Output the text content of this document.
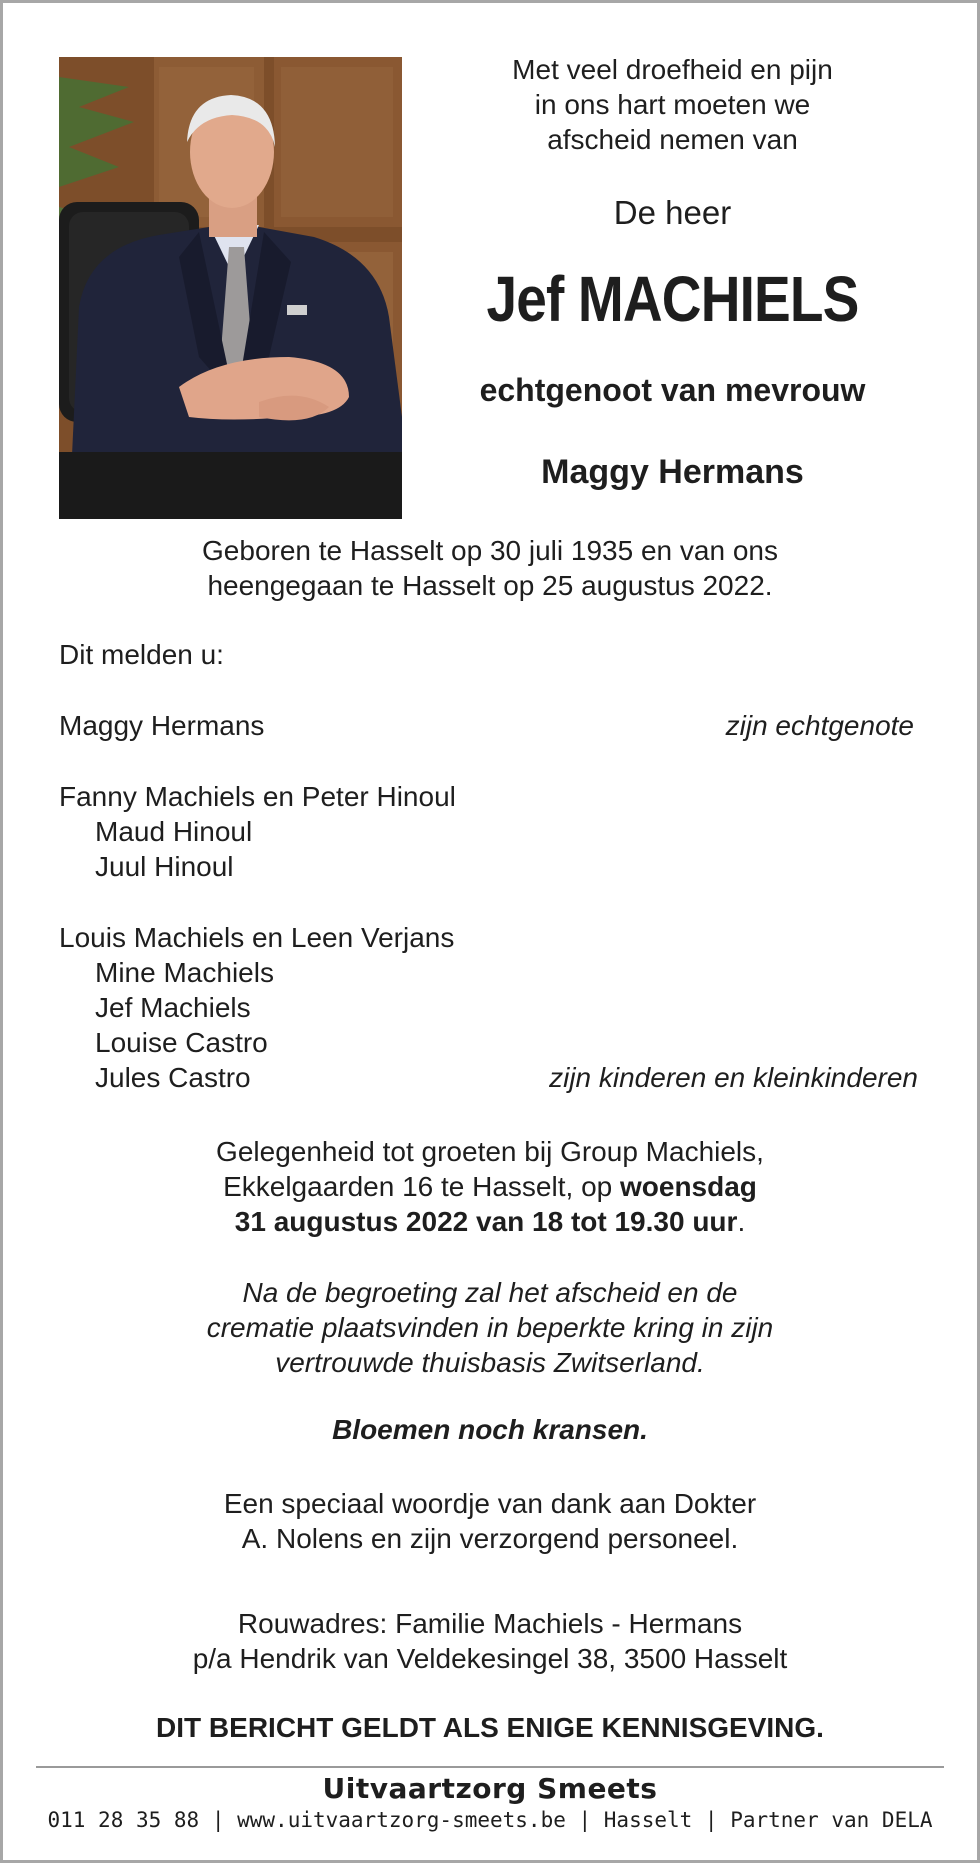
Met veel droefheid en pijn
in ons hart moeten we
afscheid nemen van
De heer
Jef MACHIELS
echtgenoot van mevrouw
Maggy Hermans
Geboren te Hasselt op 30 juli 1935 en van ons
heengegaan te Hasselt op 25 augustus 2022.
Dit melden u:
Maggy Hermans	zijn echtgenote
Fanny Machiels en Peter Hinoul
Maud Hinoul
Juul Hinoul
Louis Machiels en Leen Verjans
Mine Machiels
Jef Machiels
Louise Castro
Jules Castro	zijn kinderen en kleinkinderen
Gelegenheid tot groeten bij Group Machiels,
Ekkelgaarden 16 te Hasselt, op woensdag
31 augustus 2022 van 18 tot 19.30 uur.
Na de begroeting zal het afscheid en de
crematie plaatsvinden in beperkte kring in zijn
vertrouwde thuisbasis Zwitserland.
Bloemen noch kransen.
Een speciaal woordje van dank aan Dokter
A. Nolens en zijn verzorgend personeel.
Rouwadres: Familie Machiels - Hermans
p/a Hendrik van Veldekesingel 38, 3500 Hasselt
DIT BERICHT GELDT ALS ENIGE KENNISGEVING.
Uitvaartzorg Smeets
011 28 35 88 | www.uitvaartzorg-smeets.be | Hasselt | Partner van DELA
